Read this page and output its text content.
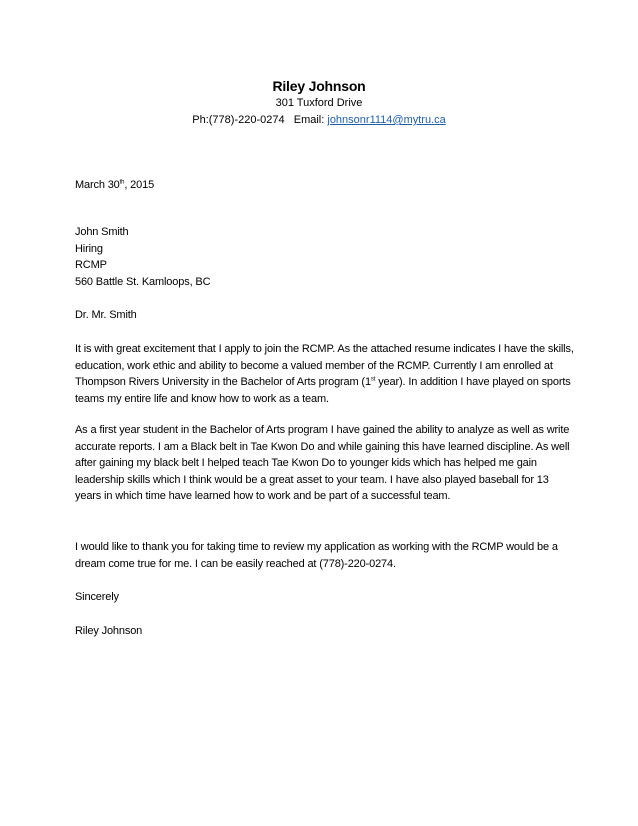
Riley Johnson
301 Tuxford Drive
Ph:(778)-220-0274   Email: johnsonr1114@mytru.ca
March 30th, 2015
John Smith
Hiring
RCMP
560 Battle St. Kamloops, BC
Dr. Mr. Smith
It is with great excitement that I apply to join the RCMP. As the attached resume indicates I have the skills, education, work ethic and ability to become a valued member of the RCMP. Currently I am enrolled at Thompson Rivers University in the Bachelor of Arts program (1st year). In addition I have played on sports teams my entire life and know how to work as a team.
As a first year student in the Bachelor of Arts program I have gained the ability to analyze as well as write accurate reports. I am a Black belt in Tae Kwon Do and while gaining this have learned discipline. As well after gaining my black belt I helped teach Tae Kwon Do to younger kids which has helped me gain leadership skills which I think would be a great asset to your team. I have also played baseball for 13 years in which time have learned how to work and be part of a successful team.
I would like to thank you for taking time to review my application as working with the RCMP would be a dream come true for me. I can be easily reached at (778)-220-0274.
Sincerely
Riley Johnson
